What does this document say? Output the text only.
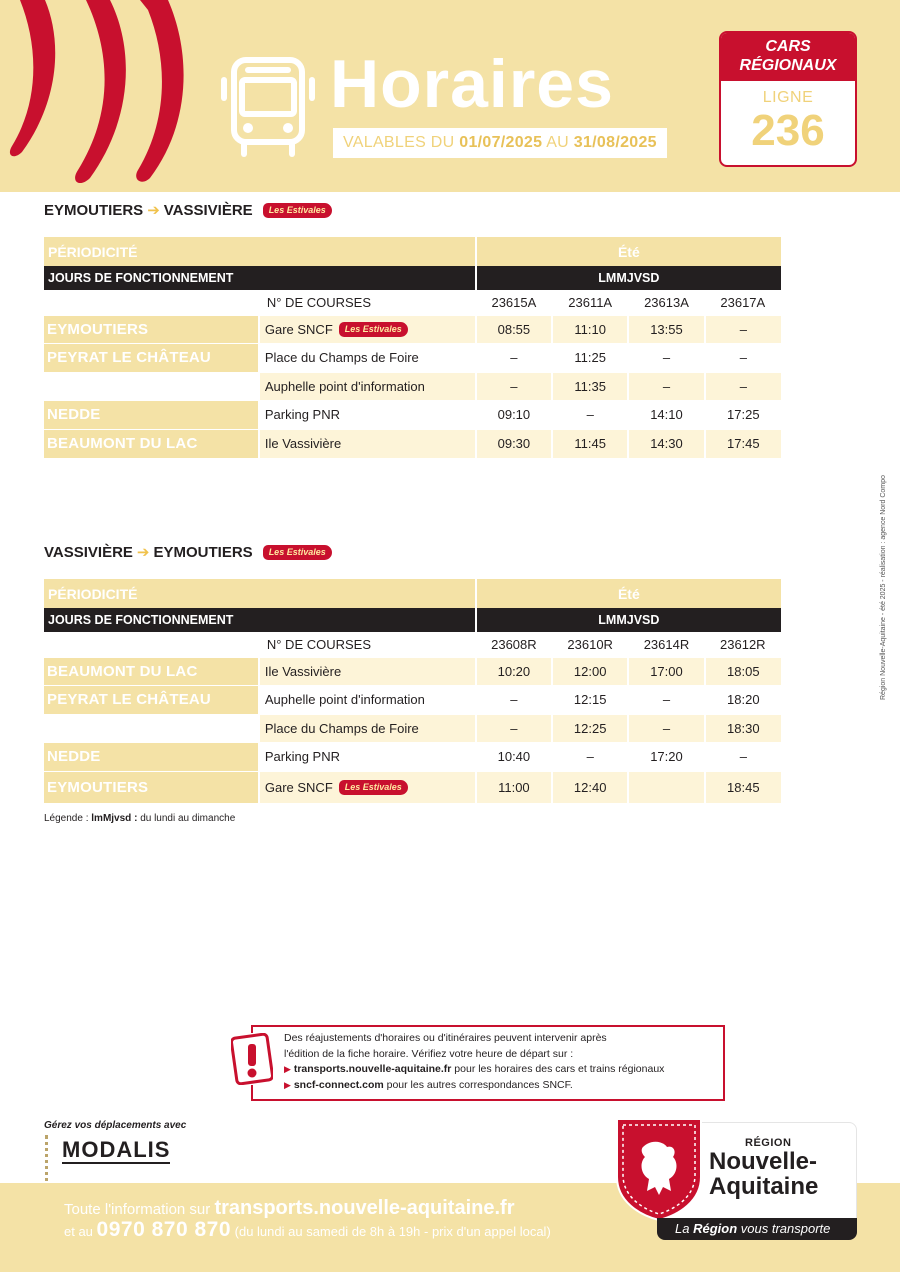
Horaires
VALABLES DU 01/07/2025 AU 31/08/2025
CARS
RÉGIONAUX
LIGNE
236
EYMOUTIERS ➔ VASSIVIÈRE	Les Estivales
PÉRIODICITÉ		Été			
JOURS DE FONCTIONNEMENT		LMMJVSD			
	N° DE COURSES	23615A	23611A	23613A	23617A
EYMOUTIERS	Gare SNCF Les Estivales	08:55	11:10	13:55	–
PEYRAT LE CHÂTEAU	Place du Champs de Foire	–	11:25	–	–
	Auphelle point d'information	–	11:35	–	–
NEDDE	Parking PNR	09:10	–	14:10	17:25
BEAUMONT DU LAC	Ile Vassivière	09:30	11:45	14:30	17:45
VASSIVIÈRE ➔ EYMOUTIERS	Les Estivales
PÉRIODICITÉ		Été			
JOURS DE FONCTIONNEMENT		LMMJVSD			
	N° DE COURSES	23608R	23610R	23614R	23612R
BEAUMONT DU LAC	Ile Vassivière	10:20	12:00	17:00	18:05
PEYRAT LE CHÂTEAU	Auphelle point d'information	–	12:15	–	18:20
	Place du Champs de Foire	–	12:25	–	18:30
NEDDE	Parking PNR	10:40	–	17:20	–
EYMOUTIERS	Gare SNCF Les Estivales	11:00	12:40		18:45
Légende : lmMjvsd : du lundi au dimanche
Des réajustements d'horaires ou d'itinéraires peuvent intervenir après
l'édition de la fiche horaire. Vérifiez votre heure de départ sur :
▶ transports.nouvelle-aquitaine.fr pour les horaires des cars et trains régionaux
▶ sncf-connect.com pour les autres correspondances SNCF.
Gérez vos déplacements avec
MODALIS
Toute l'information sur transports.nouvelle-aquitaine.fr
et au 0970 870 870 (du lundi au samedi de 8h à 19h - prix d'un appel local)
RÉGION
Nouvelle-
Aquitaine
La Région vous transporte
Région Nouvelle-Aquitaine - été 2025 - réalisation : agence Nord Compo
